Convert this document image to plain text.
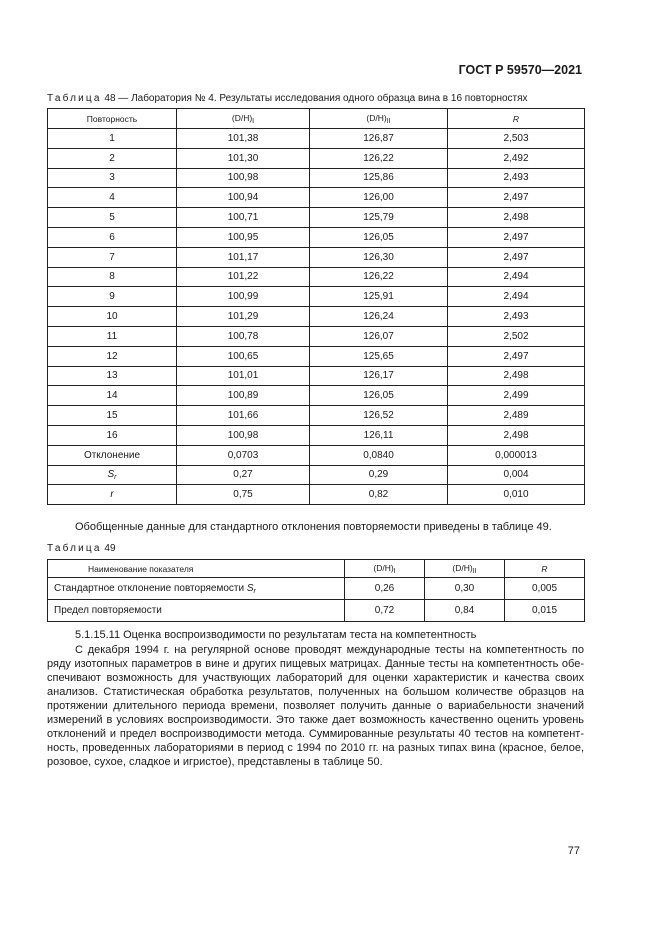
ГОСТ Р 59570—2021
Таблица 48 — Лаборатория № 4. Результаты исследования одного образца вина в 16 повторностях
Повторность	$(D/H)_I$	$(D/H)_{II}$	R
1	101,38	126,87	2,503
2	101,30	126,22	2,492
3	100,98	125,86	2,493
4	100,94	126,00	2,497
5	100,71	125,79	2,498
6	100,95	126,05	2,497
7	101,17	126,30	2,497
8	101,22	126,22	2,494
9	100,99	125,91	2,494
10	101,29	126,24	2,493
11	100,78	126,07	2,502
12	100,65	125,65	2,497
13	101,01	126,17	2,498
14	100,89	126,05	2,499
15	101,66	126,52	2,489
16	100,98	126,11	2,498
Отклонение	0,0703	0,0840	0,000013
$S_r$	0,27	0,29	0,004
r	0,75	0,82	0,010
Обобщенные данные для стандартного отклонения повторяемости приведены в таблице 49.
Таблица 49
Наименование показателя	$(D/H)_I$	$(D/H)_{II}$	R
Стандартное отклонение повторяемости $S_r$	0,26	0,30	0,005
Предел повторяемости	0,72	0,84	0,015
5.1.15.11 Оценка воспроизводимости по результатам теста на компетентность
С декабря 1994 г. на регулярной основе проводят международные тесты на компетентность по
ряду изотопных параметров в вине и других пищевых матрицах. Данные тесты на компетентность обе-
спечивают возможность для участвующих лабораторий для оценки характеристик и качества своих
анализов. Статистическая обработка результатов, полученных на большом количестве образцов на
протяжении длительного периода времени, позволяет получить данные о вариабельности значений
измерений в условиях воспроизводимости. Это также дает возможность качественно оценить уровень
отклонений и предел воспроизводимости метода. Суммированные результаты 40 тестов на компетент-
ность, проведенных лабораториями в период с 1994 по 2010 гг. на разных типах вина (красное, белое,
розовое, сухое, сладкое и игристое), представлены в таблице 50.
77
